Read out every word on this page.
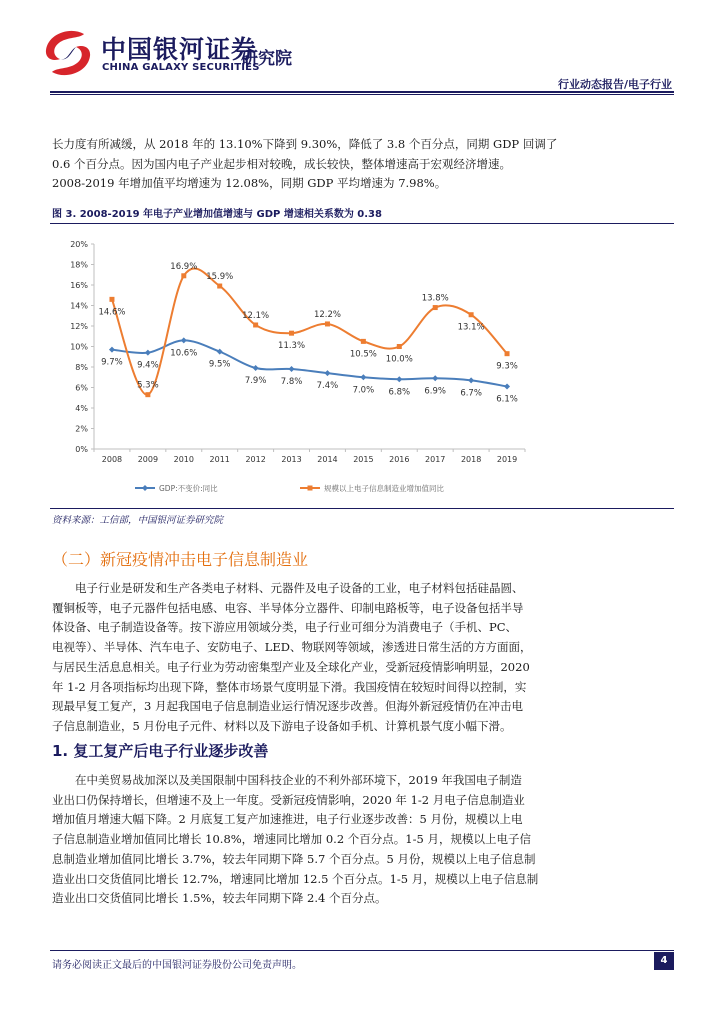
中国银河证券
CHINA GALAXY SECURITIES
研究院
行业动态报告/电子行业
长力度有所减缓，从 2018 年的 13.10%下降到 9.30%，降低了 3.8 个百分点，同期 GDP 回调了
0.6 个百分点。因为国内电子产业起步相对较晚，成长较快，整体增速高于宏观经济增速。
2008-2019 年增加值平均增速为 12.08%，同期 GDP 平均增速为 7.98%。
图 3. 2008-2019 年电子产业增加值增速与 GDP 增速相关系数为 0.38
0%
2%
4%
6%
8%
10%
12%
14%
16%
18%
20%
2008 2009 2010 2011 2012 2013 2014 2015 2016 2017 2018 2019
9.7% 9.4%
10.6%
9.5%
7.9% 7.8% 7.4% 7.0% 6.8% 6.9% 6.7%
6.1%
14.6%
5.3%
16.9%
15.9%
12.1%
11.3%
12.2%
10.5%
10.0%
13.8%
13.1%
9.3%
GDP:不变价:同比	规模以上电子信息制造业增加值同比
资料来源：工信部，中国银河证券研究院
（二）新冠疫情冲击电子信息制造业
电子行业是研发和生产各类电子材料、元器件及电子设备的工业，电子材料包括硅晶圆、
覆铜板等，电子元器件包括电感、电容、半导体分立器件、印制电路板等，电子设备包括半导
体设备、电子制造设备等。按下游应用领域分类，电子行业可细分为消费电子（手机、PC、
电视等）、半导体、汽车电子、安防电子、LED、物联网等领域，渗透进日常生活的方方面面，
与居民生活息息相关。电子行业为劳动密集型产业及全球化产业，受新冠疫情影响明显，2020
年 1-2 月各项指标均出现下降，整体市场景气度明显下滑。我国疫情在较短时间得以控制，实
现最早复工复产，3 月起我国电子信息制造业运行情况逐步改善。但海外新冠疫情仍在冲击电
子信息制造业，5 月份电子元件、材料以及下游电子设备如手机、计算机景气度小幅下滑。
1. 复工复产后电子行业逐步改善
在中美贸易战加深以及美国限制中国科技企业的不利外部环境下，2019 年我国电子制造
业出口仍保持增长，但增速不及上一年度。受新冠疫情影响，2020 年 1-2 月电子信息制造业
增加值月增速大幅下降。2 月底复工复产加速推进，电子行业逐步改善：5 月份，规模以上电
子信息制造业增加值同比增长 10.8%，增速同比增加 0.2 个百分点。1-5 月，规模以上电子信
息制造业增加值同比增长 3.7%，较去年同期下降 5.7 个百分点。5 月份，规模以上电子信息制
造业出口交货值同比增长 12.7%，增速同比增加 12.5 个百分点。1-5 月，规模以上电子信息制
造业出口交货值同比增长 1.5%，较去年同期下降 2.4 个百分点。
请务必阅读正文最后的中国银河证券股份公司免责声明。	4
